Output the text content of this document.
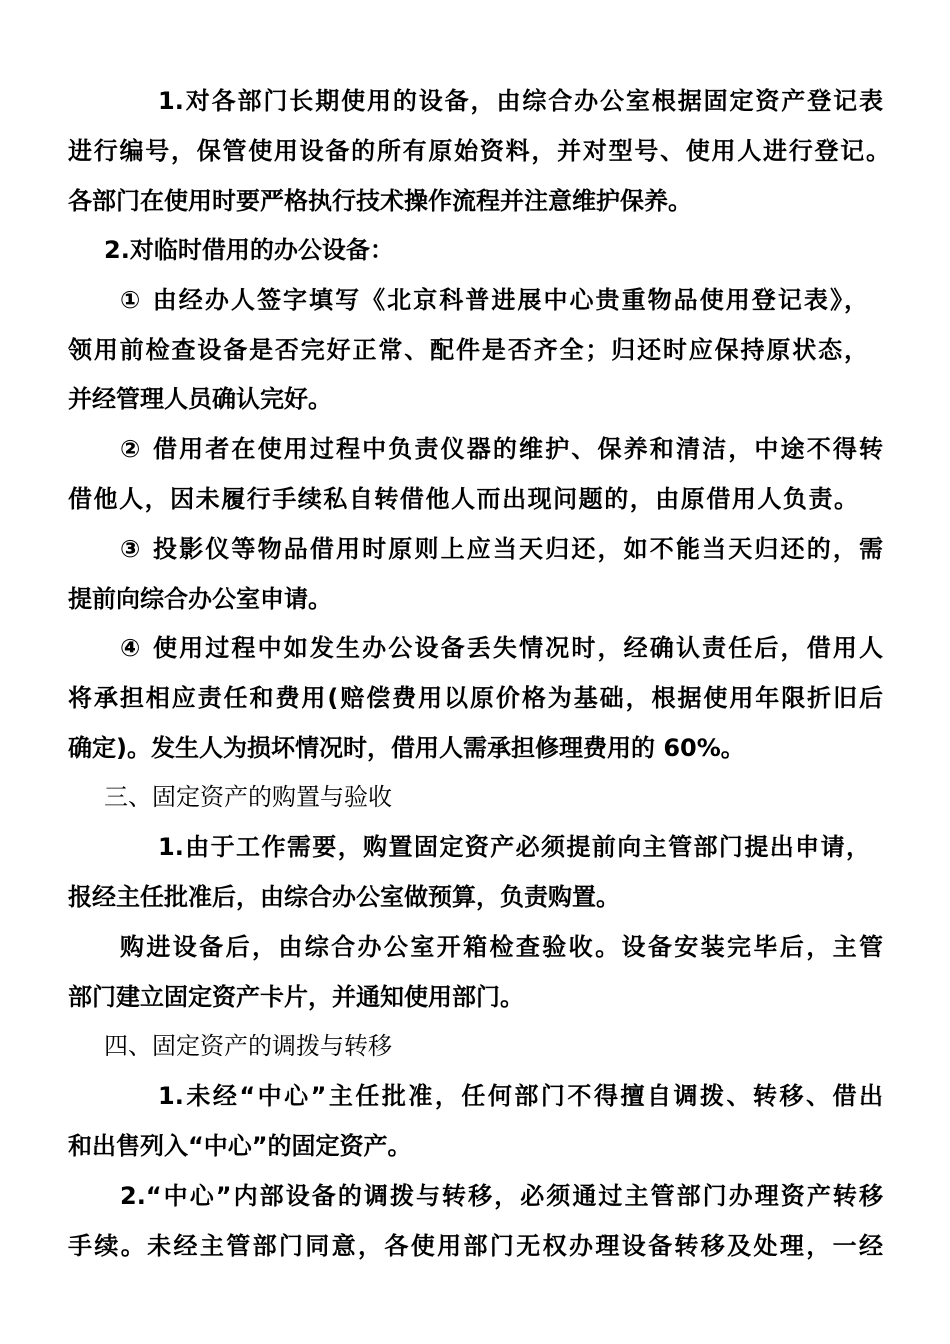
1.对各部门长期使用的设备，由综合办公室根据固定资产登记表
进行编号，保管使用设备的所有原始资料，并对型号、使用人进行登记。
各部门在使用时要严格执行技术操作流程并注意维护保养。
2.对临时借用的办公设备：
① 由经办人签字填写《北京科普进展中心贵重物品使用登记表》，
领用前检查设备是否完好正常、配件是否齐全；归还时应保持原状态，
并经管理人员确认完好。
② 借用者在使用过程中负责仪器的维护、保养和清洁，中途不得转
借他人，因未履行手续私自转借他人而出现问题的，由原借用人负责。
③ 投影仪等物品借用时原则上应当天归还，如不能当天归还的，需
提前向综合办公室申请。
④ 使用过程中如发生办公设备丢失情况时，经确认责任后，借用人
将承担相应责任和费用(赔偿费用以原价格为基础，根据使用年限折旧后
确定)。发生人为损坏情况时，借用人需承担修理费用的 60%。
三、固定资产的购置与验收
1.由于工作需要，购置固定资产必须提前向主管部门提出申请，
报经主任批准后，由综合办公室做预算，负责购置。
购进设备后，由综合办公室开箱检查验收。设备安装完毕后，主管
部门建立固定资产卡片，并通知使用部门。
四、固定资产的调拨与转移
1.未经“中心”主任批准，任何部门不得擅自调拨、转移、借出
和出售列入“中心”的固定资产。
2.“中心”内部设备的调拨与转移，必须通过主管部门办理资产转移
手续。未经主管部门同意，各使用部门无权办理设备转移及处理，一经
